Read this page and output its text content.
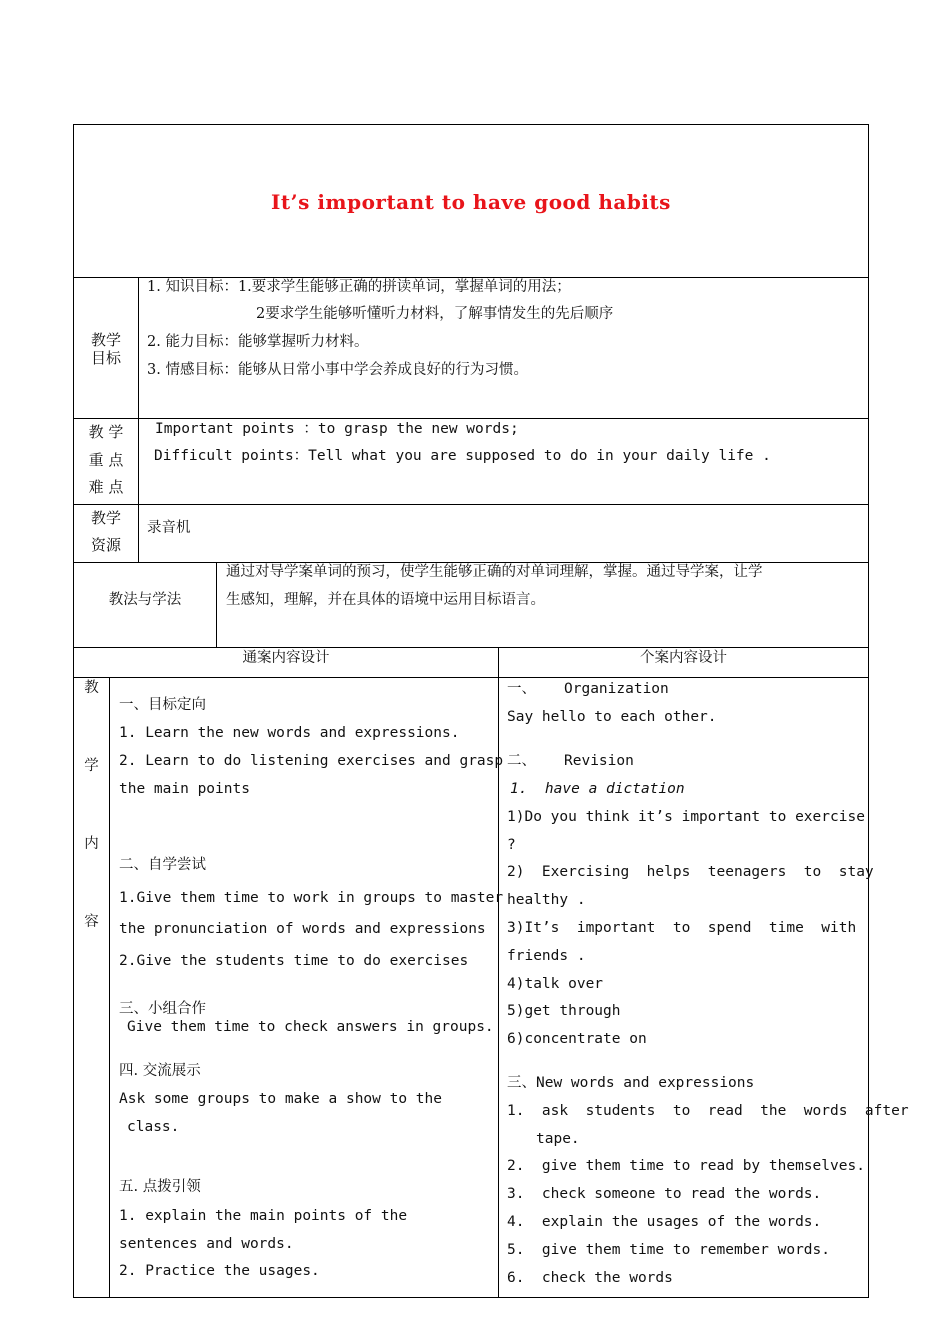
It’s important to have good habits
教学
目标
1. 知识目标：1.要求学生能够正确的拼读单词，掌握单词的用法；
2要求学生能够听懂听力材料，了解事情发生的先后顺序
2. 能力目标：能够掌握听力材料。
3. 情感目标：能够从日常小事中学会养成良好的行为习惯。
教 学
重 点
难 点
Important points ：to grasp the new words;
Difficult points：Tell what you are supposed to do in your daily life .
教学
资源
录音机
教法与学法
通过对导学案单词的预习，使学生能够正确的对单词理解，掌握。通过导学案，让学
生感知，理解，并在具体的语境中运用目标语言。
通案内容设计	个案内容设计
教
学
内
容
一、目标定向
1. Learn the new words and expressions.
2. Learn to do listening exercises and grasp
the main points
二、自学尝试
1.Give them time to work in groups to master
the pronunciation of words and expressions
2.Give the students time to do exercises
三、小组合作
Give them time to check answers in groups.
四. 交流展示
Ask some groups to make a show to the
class.
五. 点拨引领
1. explain the main points of the
sentences and words.
2. Practice the usages.
一、 Organization
Say hello to each other.
二、 Revision
1.  have a dictation
1)Do you think it’s important to exercise
?
2)  Exercising  helps  teenagers  to  stay
healthy .
3)It’s  important  to  spend  time  with
friends .
4)talk over
5)get through
6)concentrate on
三、New words and expressions
1.  ask  students  to  read  the  words  after
tape.
2.  give them time to read by themselves.
3.  check someone to read the words.
4.  explain the usages of the words.
5.  give them time to remember words.
6.  check the words
